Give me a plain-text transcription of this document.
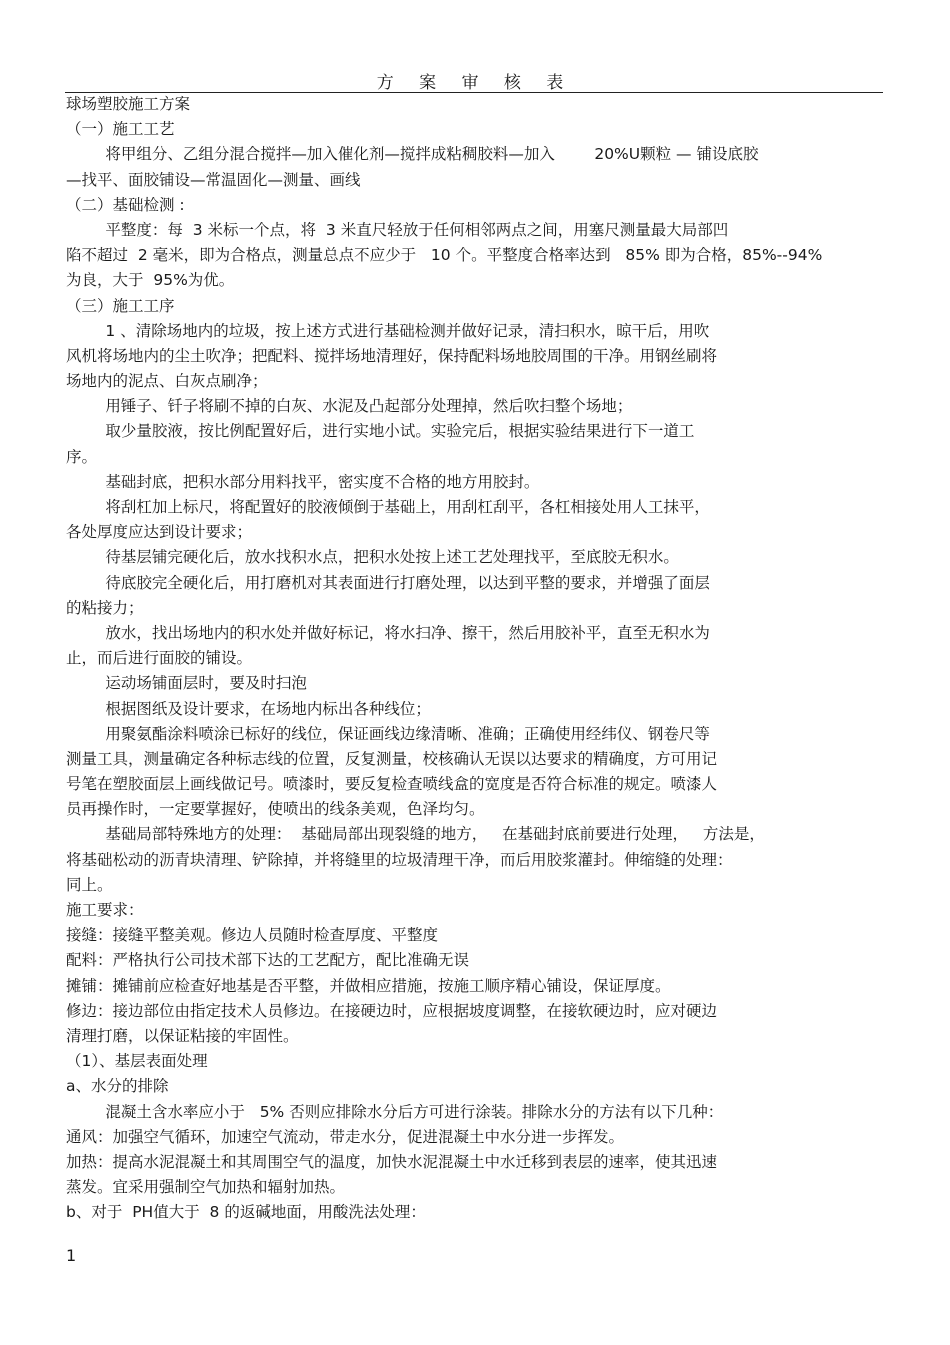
方 案 审 核 表
球场塑胶施工方案
（一）施工工艺
将甲组分、乙组分混合搅拌—加入催化剂—搅拌成粘稠胶料—加入        20%U颗粒 — 铺设底胶
—找平、面胶铺设—常温固化—测量、画线
（二）基础检测 :
平整度：每  3 米标一个点，将  3 米直尺轻放于任何相邻两点之间，用塞尺测量最大局部凹
陷不超过  2 毫米，即为合格点，测量总点不应少于   10 个。平整度合格率达到   85% 即为合格，85%--94%
为良，大于  95%为优。
（三）施工工序
1 、清除场地内的垃圾，按上述方式进行基础检测并做好记录，清扫积水，晾干后，用吹
风机将场地内的尘土吹净；把配料、搅拌场地清理好，保持配料场地胶周围的干净。用钢丝刷将
场地内的泥点、白灰点刷净；
用锤子、钎子将刷不掉的白灰、水泥及凸起部分处理掉，然后吹扫整个场地；
取少量胶液，按比例配置好后，进行实地小试。实验完后，根据实验结果进行下一道工
序。
基础封底，把积水部分用料找平，密实度不合格的地方用胶封。
将刮杠加上标尺，将配置好的胶液倾倒于基础上，用刮杠刮平，各杠相接处用人工抹平，
各处厚度应达到设计要求；
待基层铺完硬化后，放水找积水点，把积水处按上述工艺处理找平，至底胶无积水。
待底胶完全硬化后，用打磨机对其表面进行打磨处理，以达到平整的要求，并增强了面层
的粘接力；
放水，找出场地内的积水处并做好标记，将水扫净、擦干，然后用胶补平，直至无积水为
止，而后进行面胶的铺设。
运动场铺面层时，要及时扫泡
根据图纸及设计要求，在场地内标出各种线位；
用聚氨酯涂料喷涂已标好的线位，保证画线边缘清晰、准确；正确使用经纬仪、钢卷尺等
测量工具，测量确定各种标志线的位置，反复测量，校核确认无误以达要求的精确度，方可用记
号笔在塑胶面层上画线做记号。喷漆时，要反复检查喷线盒的宽度是否符合标准的规定。喷漆人
员再操作时，一定要掌握好，使喷出的线条美观，色泽均匀。
基础局部特殊地方的处理：  基础局部出现裂缝的地方，   在基础封底前要进行处理，   方法是，
将基础松动的沥青块清理、铲除掉，并将缝里的垃圾清理干净，而后用胶浆灌封。伸缩缝的处理：
同上。
施工要求：
接缝：接缝平整美观。修边人员随时检查厚度、平整度
配料：严格执行公司技术部下达的工艺配方，配比准确无误
摊铺：摊铺前应检查好地基是否平整，并做相应措施，按施工顺序精心铺设，保证厚度。
修边：接边部位由指定技术人员修边。在接硬边时，应根据坡度调整，在接软硬边时，应对硬边
清理打磨，以保证粘接的牢固性。
（1）、基层表面处理
a、水分的排除
混凝土含水率应小于   5% 否则应排除水分后方可进行涂装。排除水分的方法有以下几种：
通风：加强空气循环，加速空气流动，带走水分，促进混凝土中水分进一步挥发。
加热：提高水泥混凝土和其周围空气的温度，加快水泥混凝土中水迁移到表层的速率，使其迅速
蒸发。宜采用强制空气加热和辐射加热。
b、对于  PH值大于  8 的返碱地面，用酸洗法处理：
1
